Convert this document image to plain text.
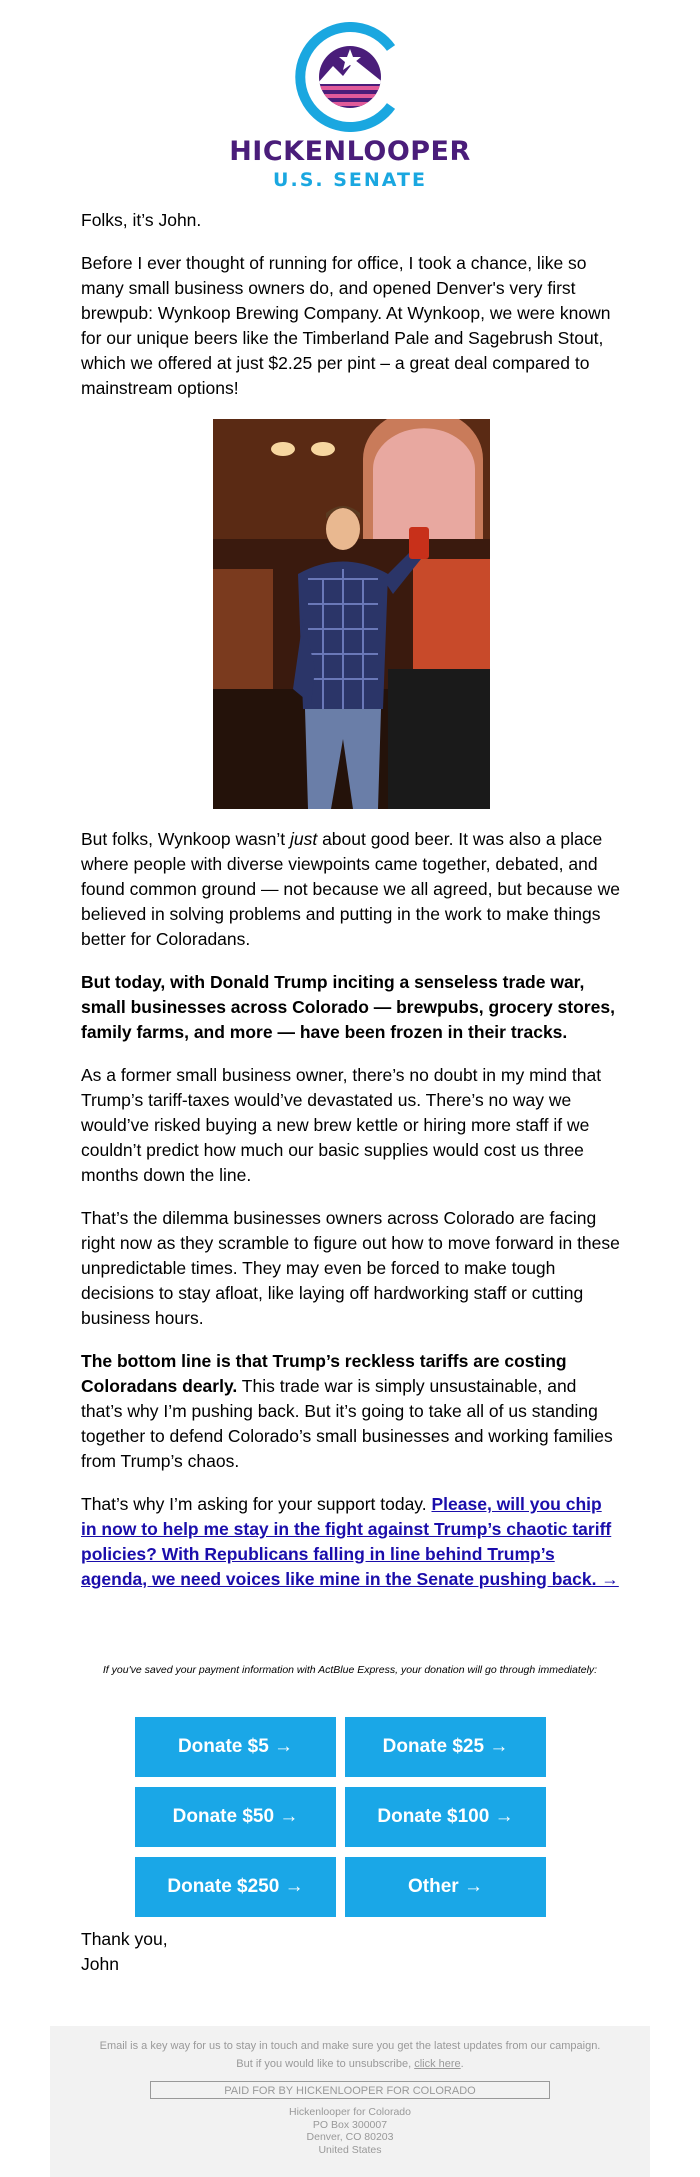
HICKENLOOPER
U.S. SENATE

Folks, it’s John.

Before I ever thought of running for office, I took a chance, like so many small business owners do, and opened Denver's very first brewpub: Wynkoop Brewing Company. At Wynkoop, we were known for our unique beers like the Timberland Pale and Sagebrush Stout, which we offered at just $2.25 per pint – a great deal compared to mainstream options!

But folks, Wynkoop wasn’t just about good beer. It was also a place where people with diverse viewpoints came together, debated, and found common ground — not because we all agreed, but because we believed in solving problems and putting in the work to make things better for Coloradans.

But today, with Donald Trump inciting a senseless trade war, small businesses across Colorado — brewpubs, grocery stores, family farms, and more — have been frozen in their tracks.

As a former small business owner, there’s no doubt in my mind that Trump’s tariff-taxes would’ve devastated us. There’s no way we would’ve risked buying a new brew kettle or hiring more staff if we couldn’t predict how much our basic supplies would cost us three months down the line.

That’s the dilemma businesses owners across Colorado are facing right now as they scramble to figure out how to move forward in these unpredictable times. They may even be forced to make tough decisions to stay afloat, like laying off hardworking staff or cutting business hours.

The bottom line is that Trump’s reckless tariffs are costing Coloradans dearly. This trade war is simply unsustainable, and that’s why I’m pushing back. But it’s going to take all of us standing together to defend Colorado’s small businesses and working families from Trump’s chaos.

That’s why I’m asking for your support today. Please, will you chip in now to help me stay in the fight against Trump’s chaotic tariff policies? With Republicans falling in line behind Trump’s agenda, we need voices like mine in the Senate pushing back. →

If you've saved your payment information with ActBlue Express, your donation will go through immediately:
Donate $5 →	Donate $25 →
Donate $50 →	Donate $100 →
Donate $250 →	Other →
Thank you,
John
Email is a key way for us to stay in touch and make sure you get the latest updates from our campaign.
But if you would like to unsubscribe, click here.
PAID FOR BY HICKENLOOPER FOR COLORADO
Hickenlooper for Colorado
PO Box 300007
Denver, CO 80203
United States
